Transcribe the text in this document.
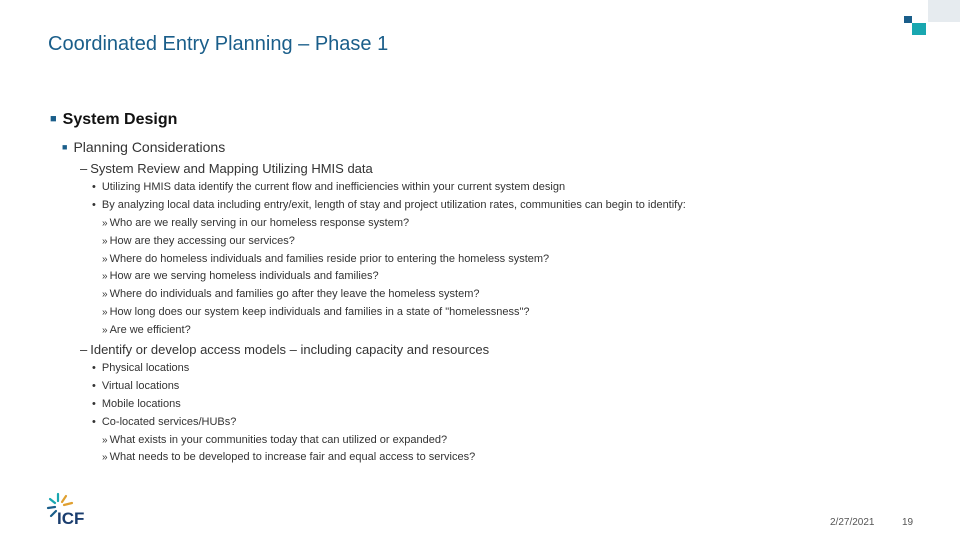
Coordinated Entry Planning – Phase 1
■ System Design
■ Planning Considerations
– System Review and Mapping Utilizing HMIS data
• Utilizing HMIS data identify the current flow and inefficiencies within your current system design
• By analyzing local data including entry/exit, length of stay and project utilization rates, communities can begin to identify:
» Who are we really serving in our homeless response system?
» How are they accessing our services?
» Where do homeless individuals and families reside prior to entering the homeless system?
» How are we serving homeless individuals and families?
» Where do individuals and families go after they leave the homeless system?
» How long does our system keep individuals and families in a state of "homelessness"?
» Are we efficient?
– Identify or develop access models – including capacity and resources
• Physical locations
• Virtual locations
• Mobile locations
• Co-located services/HUBs?
» What exists in your communities today that can utilized or expanded?
» What needs to be developed to increase fair and equal access to services?
ICF	2/27/2021	19
